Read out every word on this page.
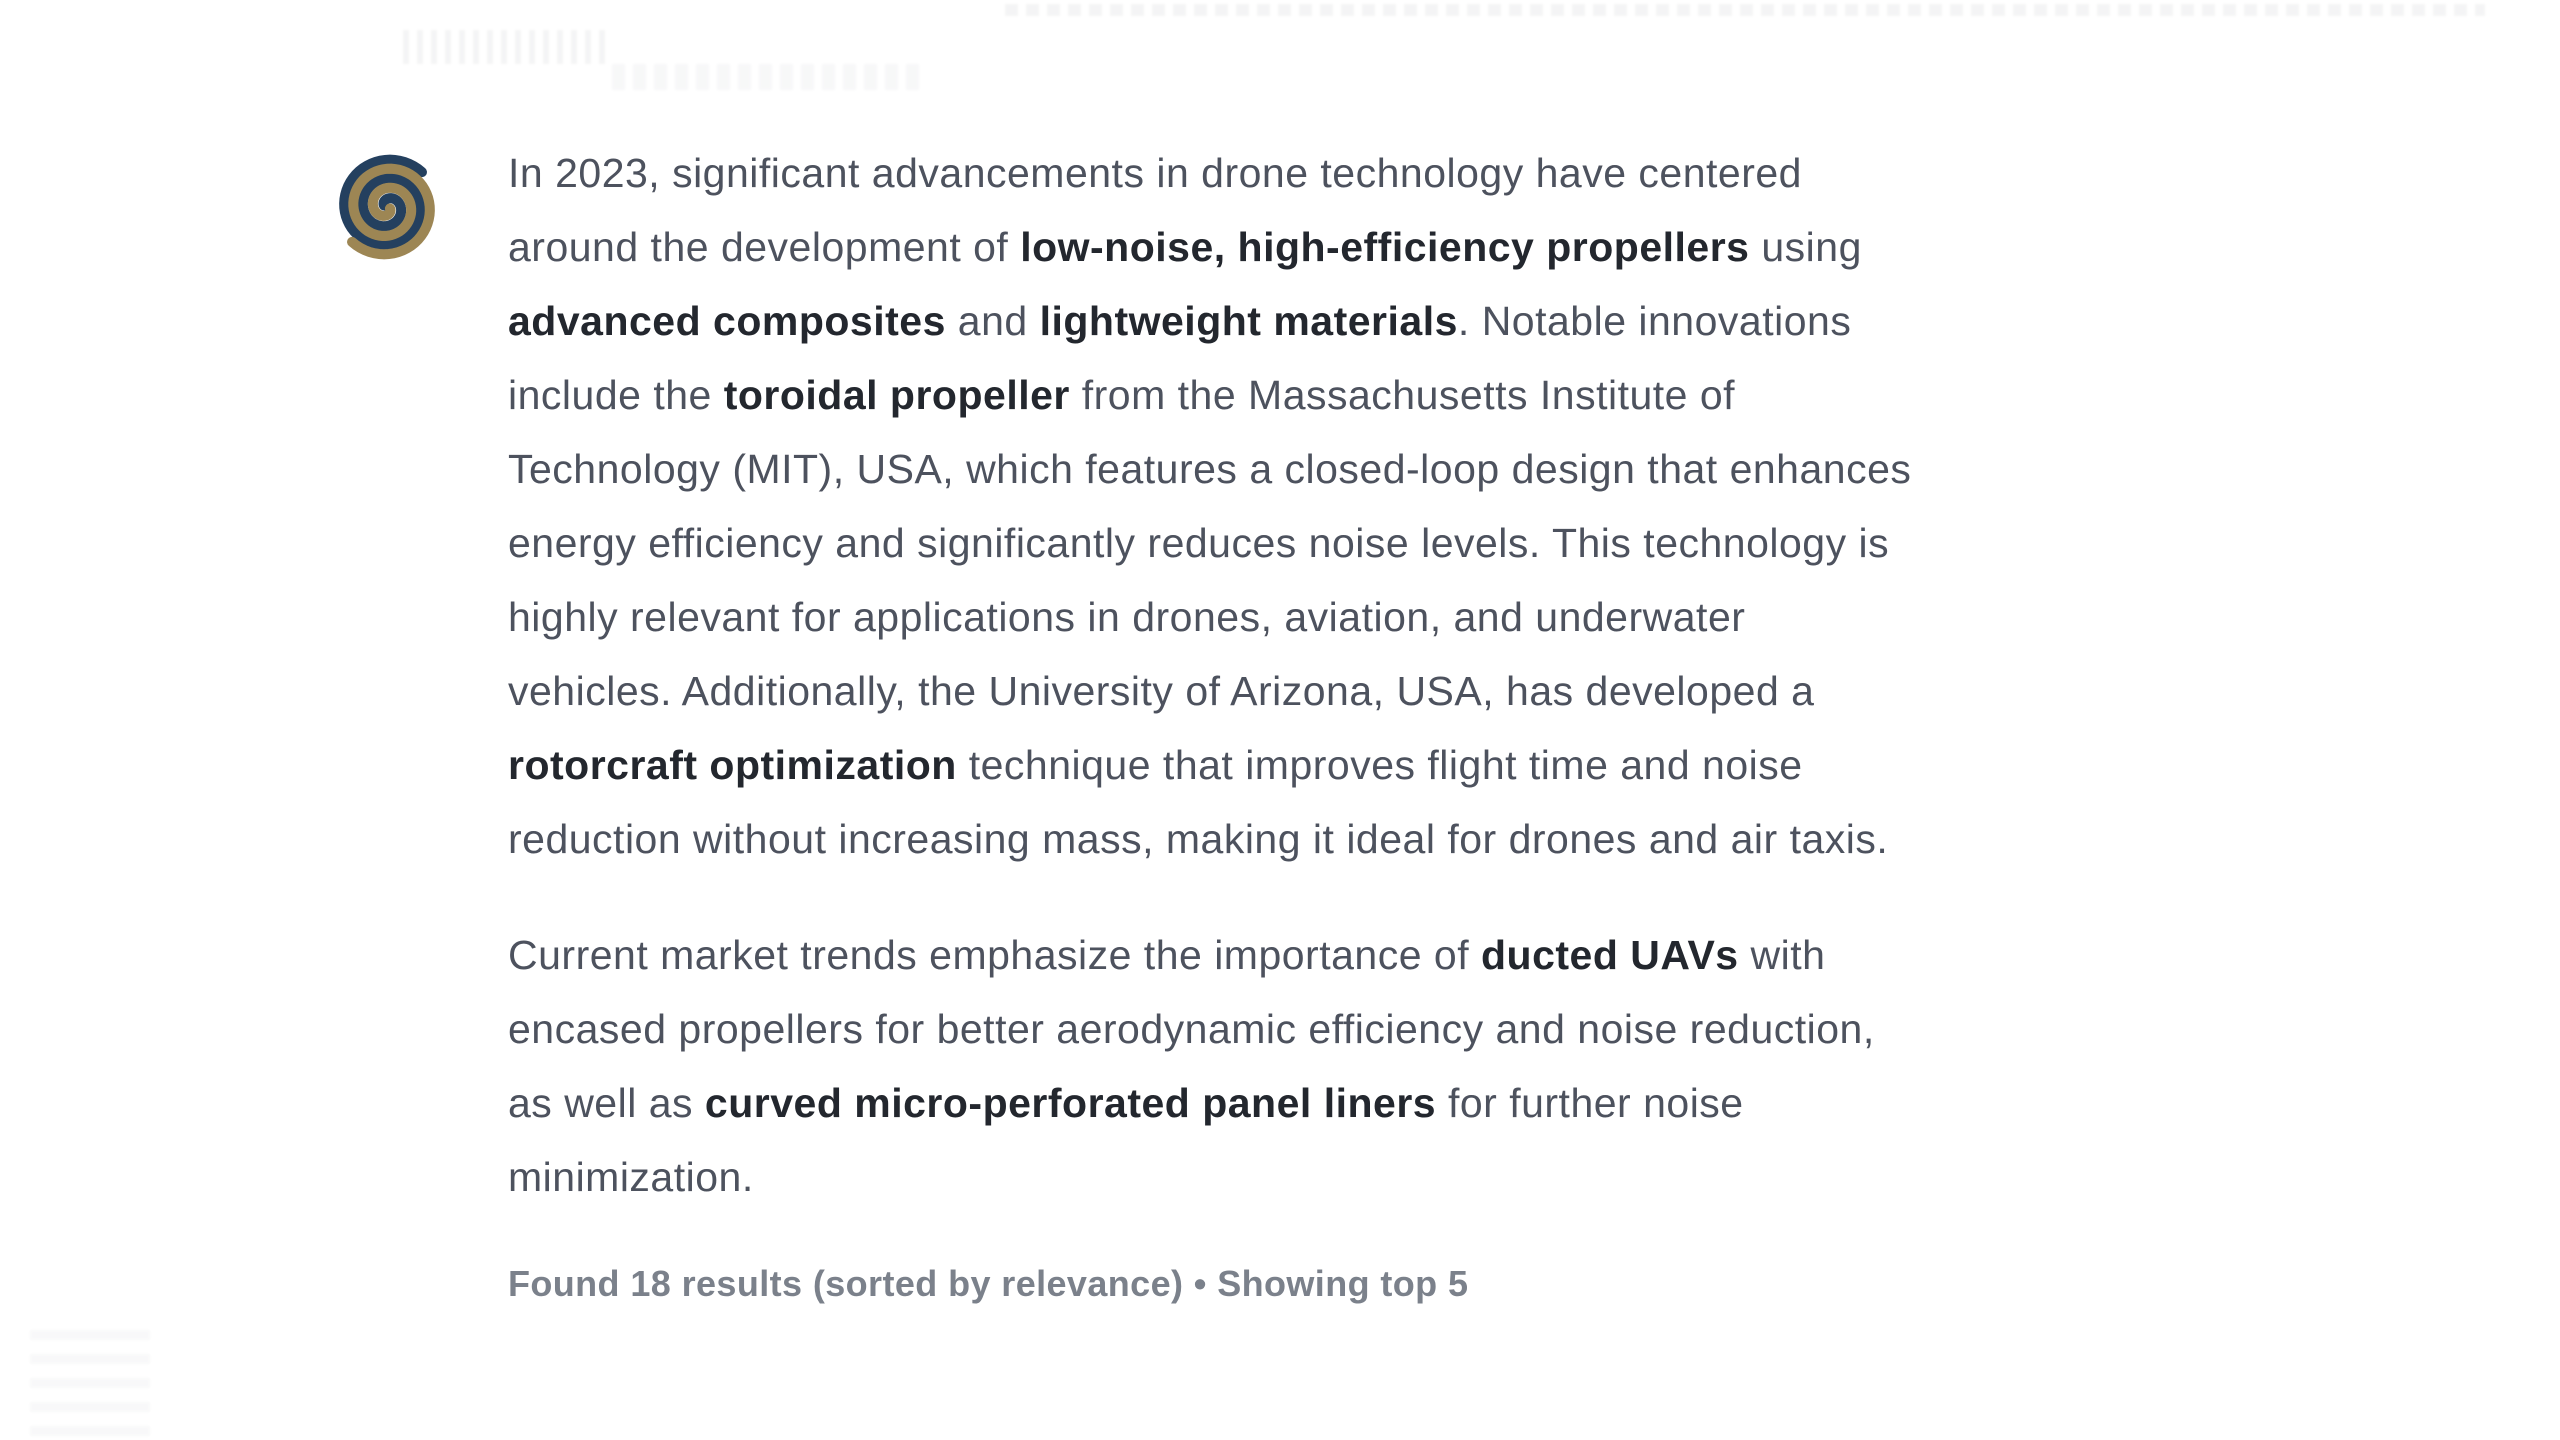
In 2023, significant advancements in drone technology have centered
around the development of low-noise, high-efficiency propellers using
advanced composites and lightweight materials. Notable innovations
include the toroidal propeller from the Massachusetts Institute of
Technology (MIT), USA, which features a closed-loop design that enhances
energy efficiency and significantly reduces noise levels. This technology is
highly relevant for applications in drones, aviation, and underwater
vehicles. Additionally, the University of Arizona, USA, has developed a
rotorcraft optimization technique that improves flight time and noise
reduction without increasing mass, making it ideal for drones and air taxis.
Current market trends emphasize the importance of ducted UAVs with
encased propellers for better aerodynamic efficiency and noise reduction,
as well as curved micro-perforated panel liners for further noise
minimization.
Found 18 results (sorted by relevance) • Showing top 5
